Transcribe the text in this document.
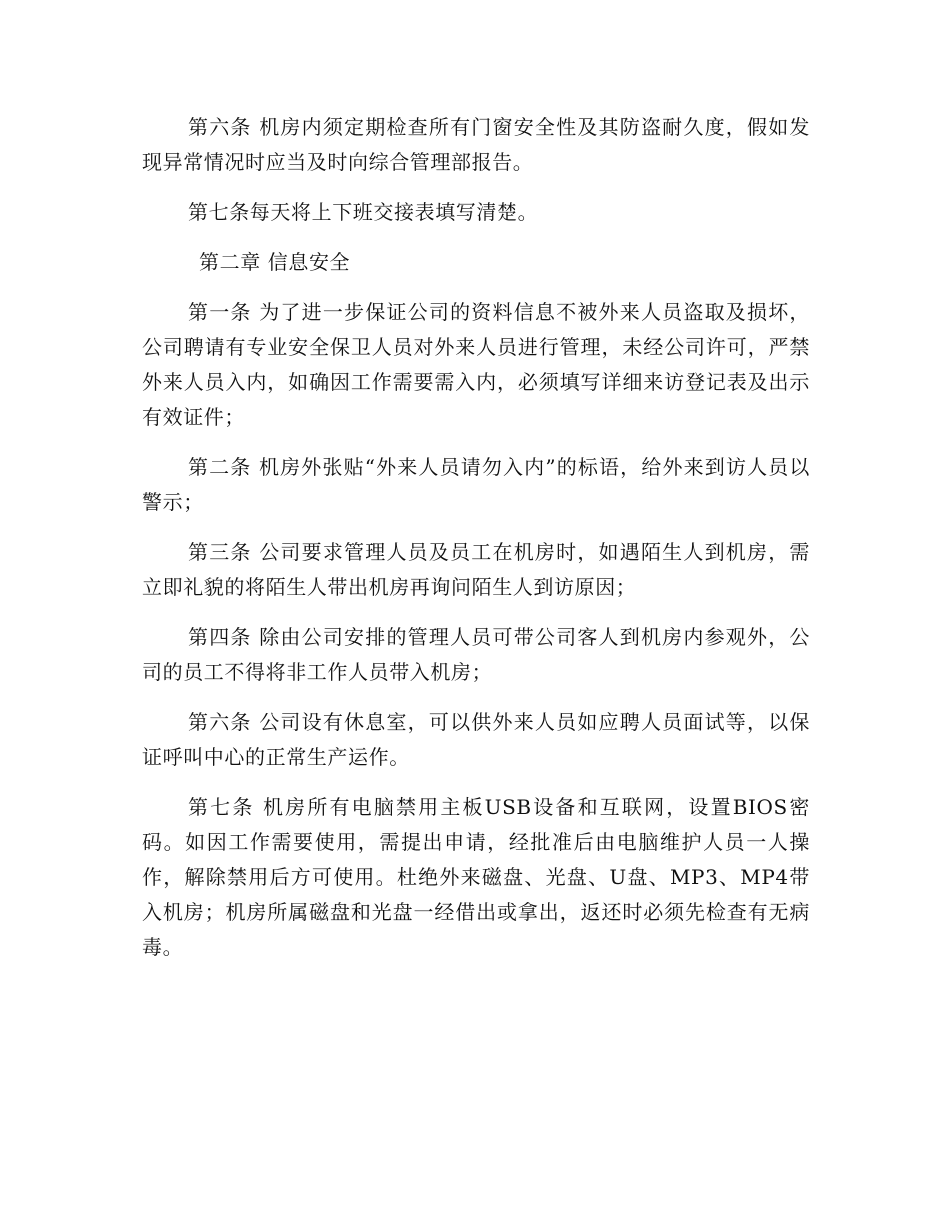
第六条 机房内须定期检查所有门窗安全性及其防盗耐久度，假如发现异常情况时应当及时向综合管理部报告。

第七条每天将上下班交接表填写清楚。

第二章 信息安全

第一条 为了进一步保证公司的资料信息不被外来人员盗取及损坏，公司聘请有专业安全保卫人员对外来人员进行管理，未经公司许可，严禁外来人员入内，如确因工作需要需入内，必须填写详细来访登记表及出示有效证件；

第二条 机房外张贴“外来人员请勿入内”的标语，给外来到访人员以警示；

第三条 公司要求管理人员及员工在机房时，如遇陌生人到机房，需立即礼貌的将陌生人带出机房再询问陌生人到访原因；

第四条 除由公司安排的管理人员可带公司客人到机房内参观外，公司的员工不得将非工作人员带入机房；

第六条 公司设有休息室，可以供外来人员如应聘人员面试等，以保证呼叫中心的正常生产运作。

第七条 机房所有电脑禁用主板USB设备和互联网，设置BIOS密码。如因工作需要使用，需提出申请，经批准后由电脑维护人员一人操作，解除禁用后方可使用。杜绝外来磁盘、光盘、U盘、MP3、MP4带入机房；机房所属磁盘和光盘一经借出或拿出，返还时必须先检查有无病毒。
